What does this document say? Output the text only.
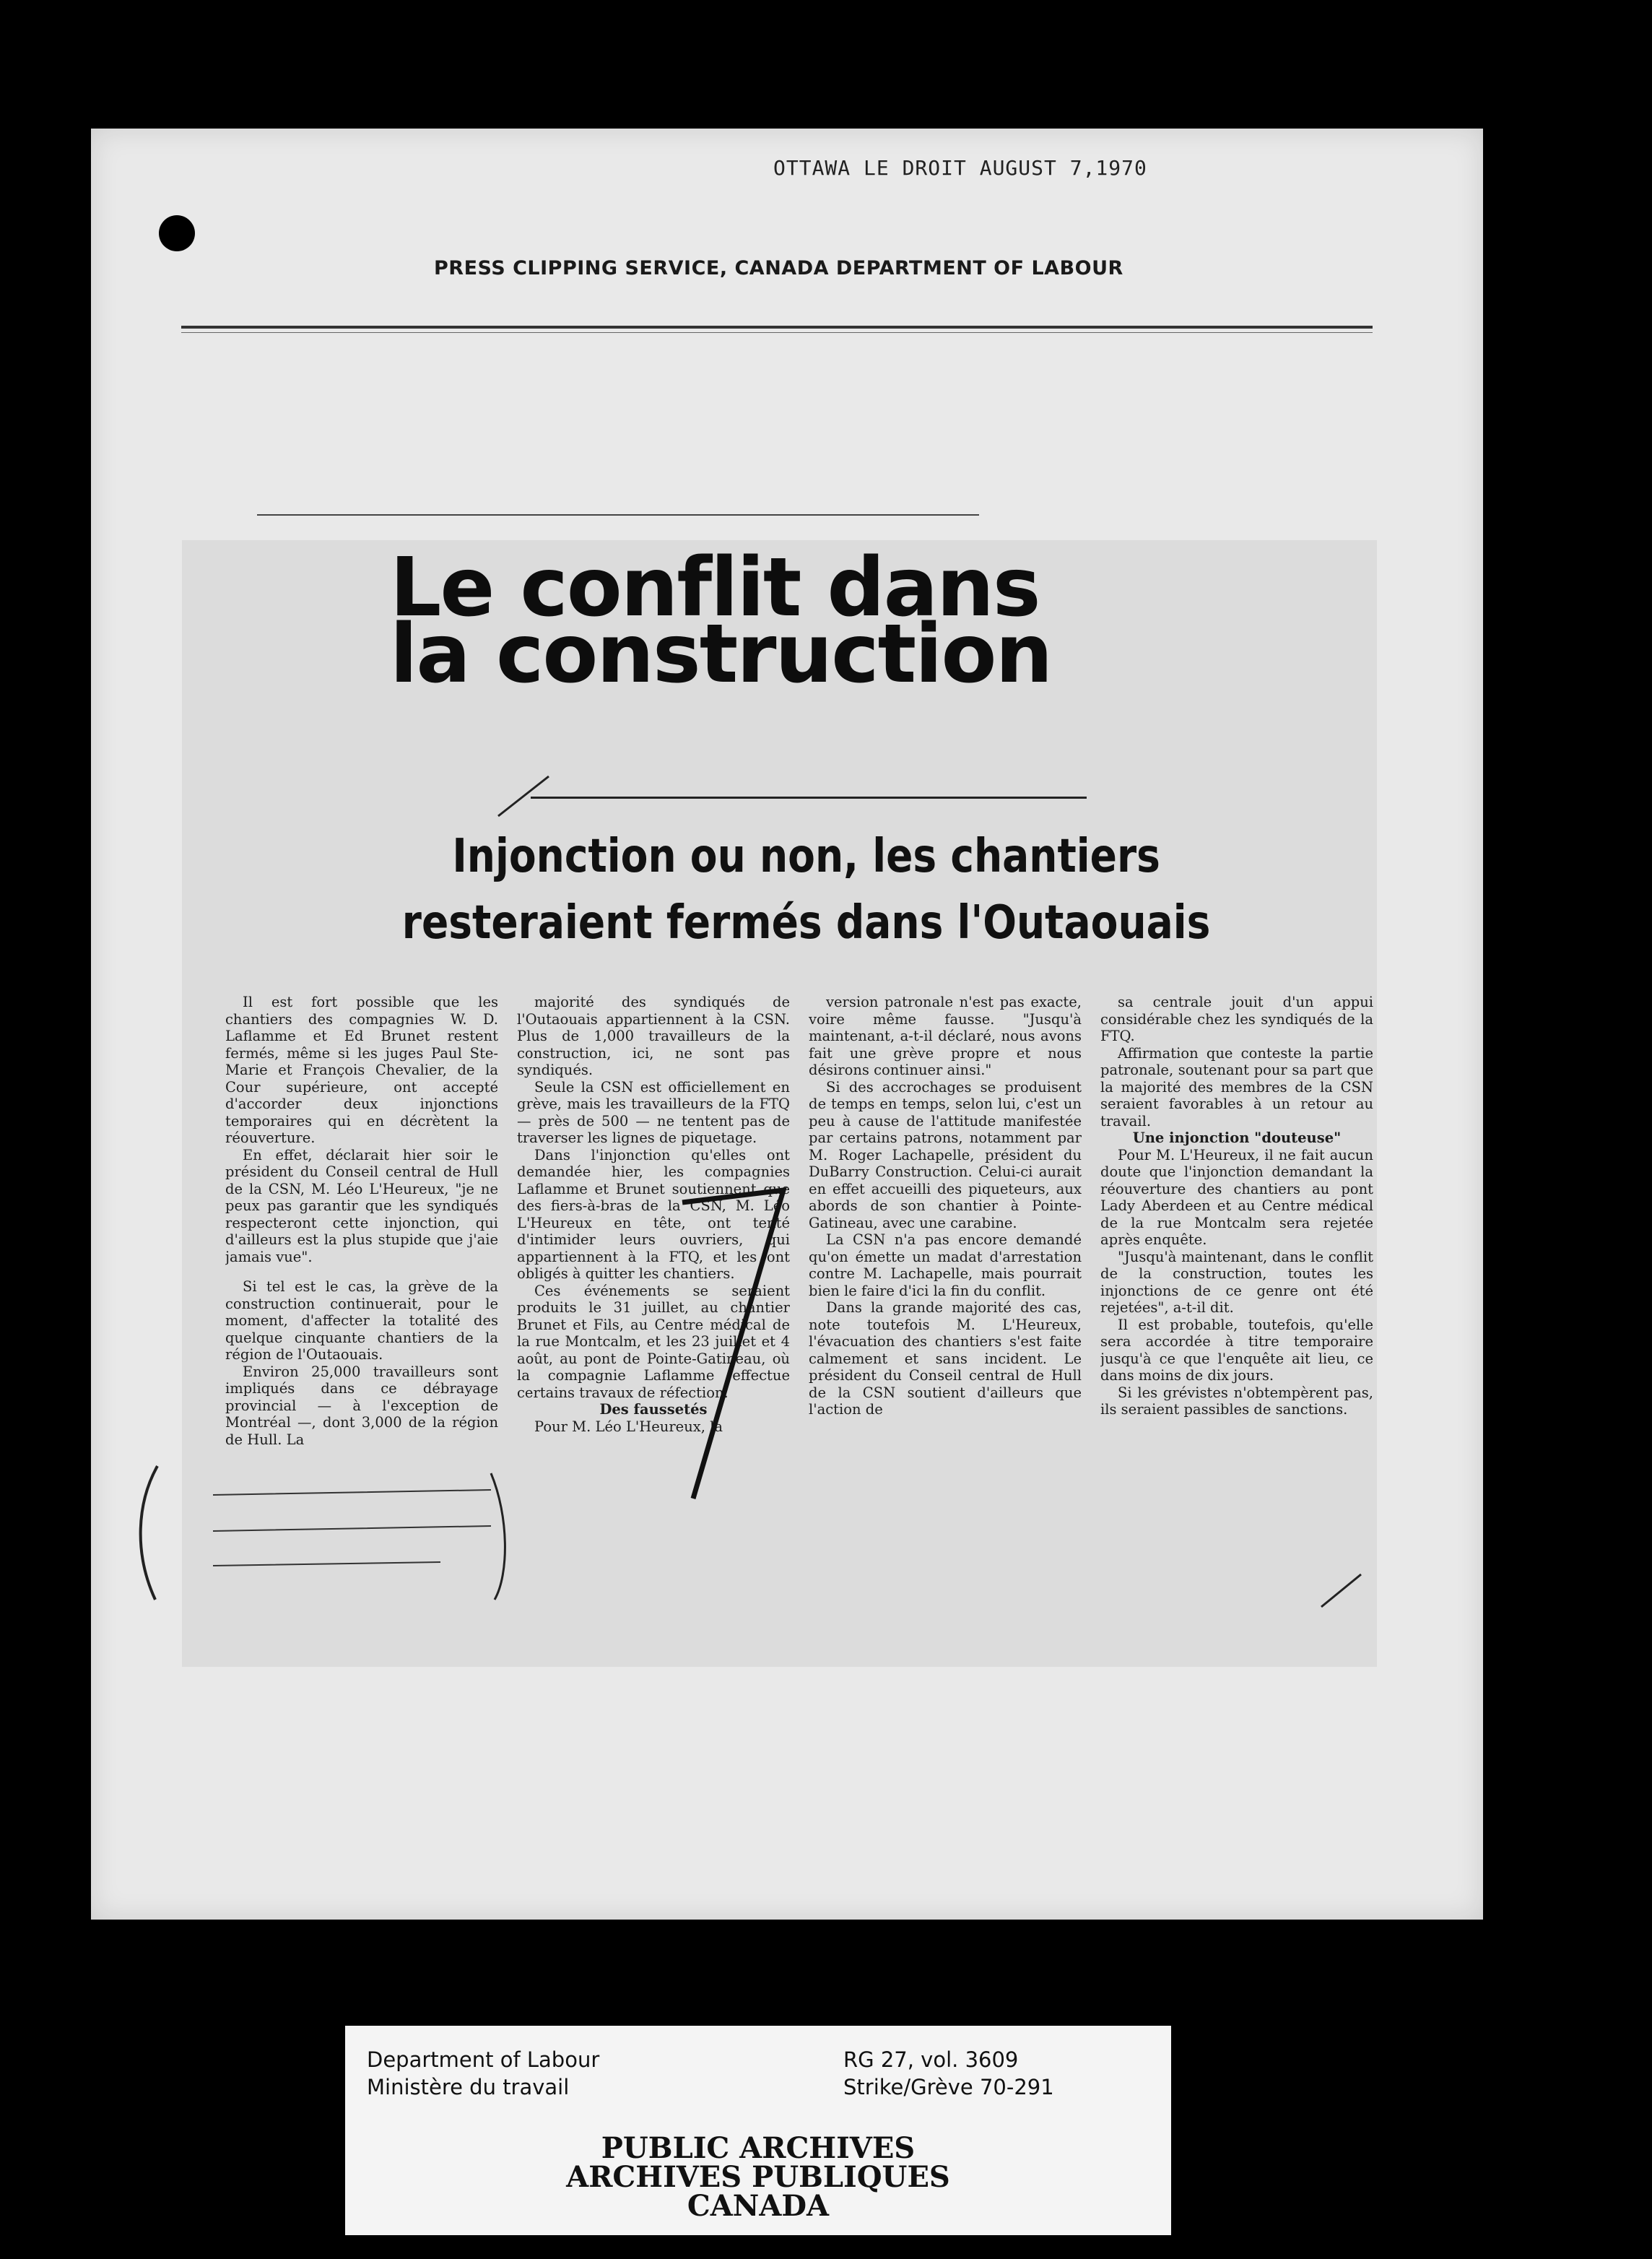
OTTAWA LE DROIT AUGUST 7,1970
PRESS CLIPPING SERVICE, CANADA DEPARTMENT OF LABOUR
Le conflit dans
la construction
Injonction ou non, les chantiers
resteraient fermés dans l'Outaouais

Il est fort possible que les chantiers des compagnies W. D. Laflamme et Ed Brunet restent fermés, même si les juges Paul Ste-Marie et François Chevalier, de la Cour supérieure, ont accepté d'accorder deux injonctions temporaires qui en décrètent la réouverture.

En effet, déclarait hier soir le président du Conseil central de Hull de la CSN, M. Léo L'Heureux, "je ne peux pas garantir que les syndiqués respecteront cette injonction, qui d'ailleurs est la plus stupide que j'aie jamais vue".

Si tel est le cas, la grève de la construction continuerait, pour le moment, d'affecter la totalité des quelque cinquante chantiers de la région de l'Outaouais.

Environ 25,000 travailleurs sont impliqués dans ce débrayage provincial — à l'exception de Montréal —, dont 3,000 de la région de Hull. La

majorité des syndiqués de l'Outaouais appartiennent à la CSN. Plus de 1,000 travailleurs de la construction, ici, ne sont pas syndiqués.

Seule la CSN est officiellement en grève, mais les travailleurs de la FTQ — près de 500 — ne tentent pas de traverser les lignes de piquetage.

Dans l'injonction qu'elles ont demandée hier, les compagnies Laflamme et Brunet soutiennent que des fiers-à-bras de la CSN, M. Léo L'Heureux en tête, ont tenté d'intimider leurs ouvriers, qui appartiennent à la FTQ, et les ont obligés à quitter les chantiers.

Ces événements se seraient produits le 31 juillet, au chantier Brunet et Fils, au Centre médical de la rue Montcalm, et les 23 juillet et 4 août, au pont de Pointe-Gatineau, où la compagnie Laflamme effectue certains travaux de réfection.

Des faussetés

Pour M. Léo L'Heureux, la

version patronale n'est pas exacte, voire même fausse. "Jusqu'à maintenant, a-t-il déclaré, nous avons fait une grève propre et nous désirons continuer ainsi."

Si des accrochages se produisent de temps en temps, selon lui, c'est un peu à cause de l'attitude manifestée par certains patrons, notamment par M. Roger Lachapelle, président du DuBarry Construction. Celui-ci aurait en effet accueilli des piqueteurs, aux abords de son chantier à Pointe-Gatineau, avec une carabine.

La CSN n'a pas encore demandé qu'on émette un madat d'arrestation contre M. Lachapelle, mais pourrait bien le faire d'ici la fin du conflit.

Dans la grande majorité des cas, note toutefois M. L'Heureux, l'évacuation des chantiers s'est faite calmement et sans incident. Le président du Conseil central de Hull de la CSN soutient d'ailleurs que l'action de

sa centrale jouit d'un appui considérable chez les syndiqués de la FTQ.

Affirmation que conteste la partie patronale, soutenant pour sa part que la majorité des membres de la CSN seraient favorables à un retour au travail.

Une injonction "douteuse"

Pour M. L'Heureux, il ne fait aucun doute que l'injonction demandant la réouverture des chantiers au pont Lady Aberdeen et au Centre médical de la rue Montcalm sera rejetée après enquête.

"Jusqu'à maintenant, dans le conflit de la construction, toutes les injonctions de ce genre ont été rejetées", a-t-il dit.

Il est probable, toutefois, qu'elle sera accordée à titre temporaire jusqu'à ce que l'enquête ait lieu, ce dans moins de dix jours.

Si les grévistes n'obtempèrent pas, ils seraient passibles de sanctions.

Department of Labour
Ministère du travail
RG 27, vol. 3609
Strike/Grève 70-291
PUBLIC ARCHIVES
ARCHIVES PUBLIQUES
CANADA
